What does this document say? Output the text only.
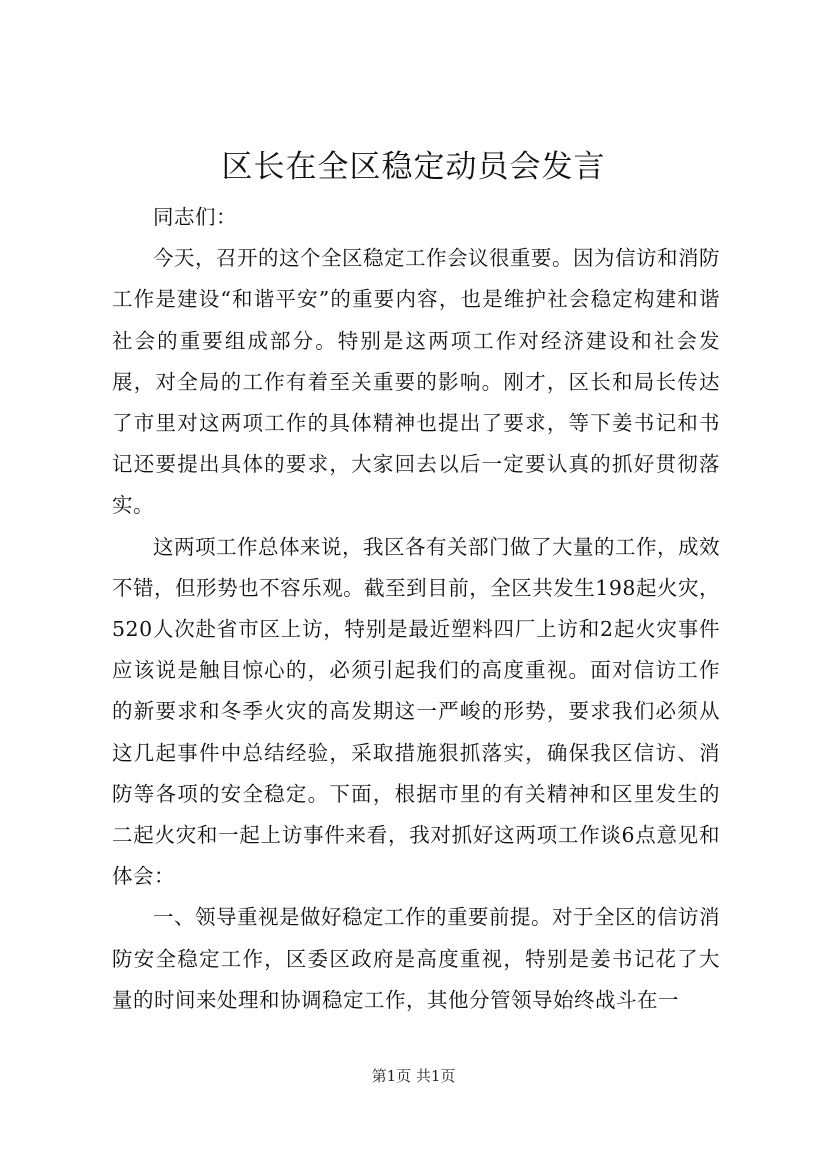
区长在全区稳定动员会发言

同志们：

今天，召开的这个全区稳定工作会议很重要。因为信访和消防工作是建设“和谐平安”的重要内容，也是维护社会稳定构建和谐社会的重要组成部分。特别是这两项工作对经济建设和社会发展，对全局的工作有着至关重要的影响。刚才，区长和局长传达了市里对这两项工作的具体精神也提出了要求，等下姜书记和书记还要提出具体的要求，大家回去以后一定要认真的抓好贯彻落实。

这两项工作总体来说，我区各有关部门做了大量的工作，成效不错，但形势也不容乐观。截至到目前，全区共发生198起火灾，520人次赴省市区上访，特别是最近塑料四厂上访和2起火灾事件应该说是触目惊心的，必须引起我们的高度重视。面对信访工作的新要求和冬季火灾的高发期这一严峻的形势，要求我们必须从这几起事件中总结经验，采取措施狠抓落实，确保我区信访、消防等各项的安全稳定。下面，根据市里的有关精神和区里发生的二起火灾和一起上访事件来看，我对抓好这两项工作谈6点意见和体会：

一、领导重视是做好稳定工作的重要前提。对于全区的信访消防安全稳定工作，区委区政府是高度重视，特别是姜书记花了大量的时间来处理和协调稳定工作，其他分管领导始终战斗在一

第1页 共1页
